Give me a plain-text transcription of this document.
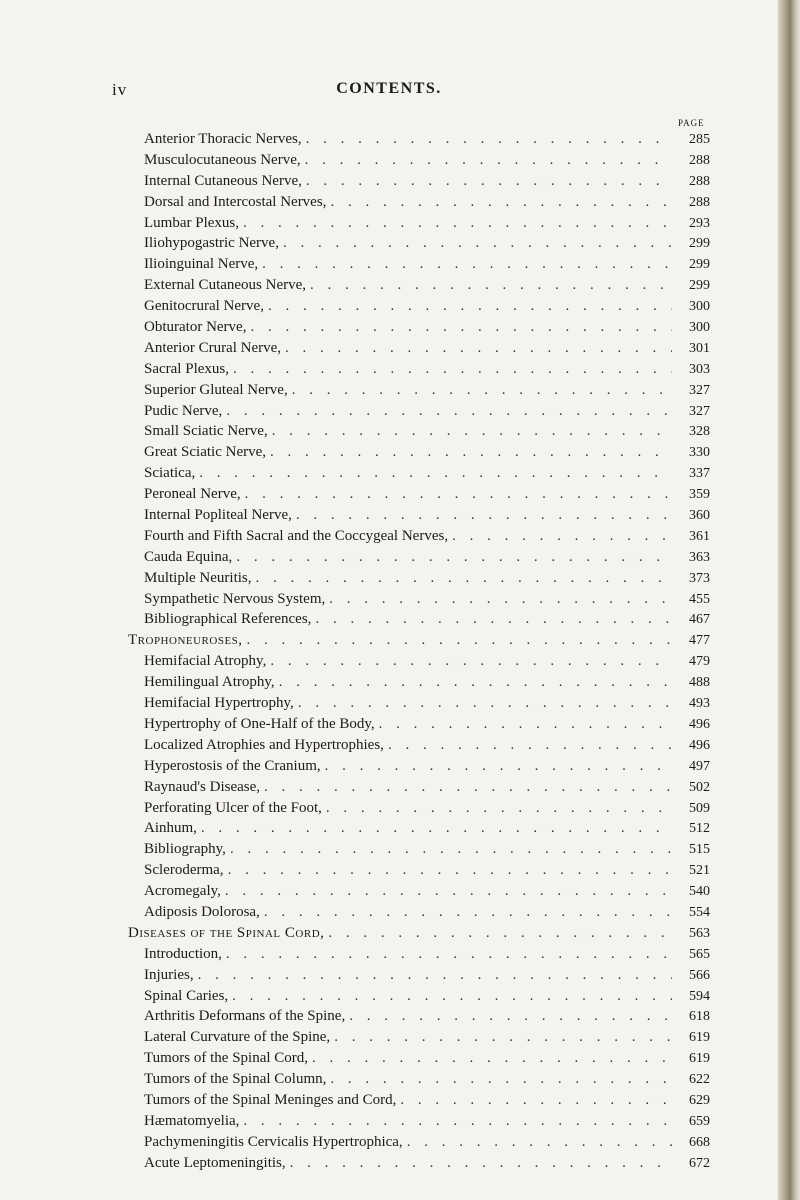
iv	CONTENTS.
PAGE
Anterior Thoracic Nerves, . . .	285
Musculocutaneous Nerve, . . .	288
Internal Cutaneous Nerve, . . .	288
Dorsal and Intercostal Nerves, . . .	288
Lumbar Plexus, . . .	293
Iliohypogastric Nerve, . . .	299
Ilioinguinal Nerve, . . .	299
External Cutaneous Nerve, . . .	299
Genitocrural Nerve, . . .	300
Obturator Nerve, . . .	300
Anterior Crural Nerve, . . .	301
Sacral Plexus, . . .	303
Superior Gluteal Nerve, . . .	327
Pudic Nerve, . . .	327
Small Sciatic Nerve, . . .	328
Great Sciatic Nerve, . . .	330
Sciatica, . . .	337
Peroneal Nerve, . . .	359
Internal Popliteal Nerve, . . .	360
Fourth and Fifth Sacral and the Coccygeal Nerves, . . .	361
Cauda Equina, . . .	363
Multiple Neuritis, . . .	373
Sympathetic Nervous System, . . .	455
Bibliographical References, . . .	467
Trophoneuroses, . . .	477
Hemifacial Atrophy, . . .	479
Hemilingual Atrophy, . . .	488
Hemifacial Hypertrophy, . . .	493
Hypertrophy of One-Half of the Body, . . .	496
Localized Atrophies and Hypertrophies, . . .	496
Hyperostosis of the Cranium, . . .	497
Raynaud's Disease, . . .	502
Perforating Ulcer of the Foot, . . .	509
Ainhum, . . .	512
Bibliography, . . .	515
Scleroderma, . . .	521
Acromegaly, . . .	540
Adiposis Dolorosa, . . .	554
Diseases of the Spinal Cord, . . .	563
Introduction, . . .	565
Injuries, . . .	566
Spinal Caries, . . .	594
Arthritis Deformans of the Spine, . . .	618
Lateral Curvature of the Spine, . . .	619
Tumors of the Spinal Cord, . . .	619
Tumors of the Spinal Column, . . .	622
Tumors of the Spinal Meninges and Cord, . . .	629
Hæmatomyelia, . . .	659
Pachymeningitis Cervicalis Hypertrophica, . . .	668
Acute Leptomeningitis, . . .	672
